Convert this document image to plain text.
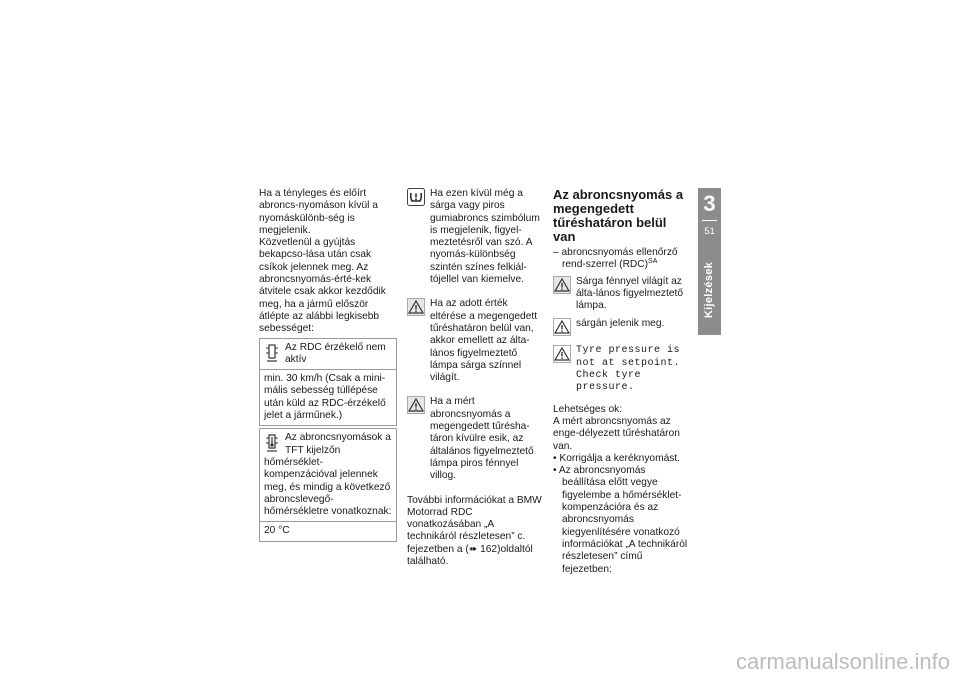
Ha a tényleges és előírt abroncs-nyomáson kívül a nyomáskülönb-ség is megjelenik.

Közvetlenül a gyújtás bekapcso-lása után csak csíkok jelennek meg. Az abroncsnyomás-érté-kek átvitele csak akkor kezdődik meg, ha a jármű először átlépte az alábbi legkisebb sebességet:

Az RDC érzékelő nem aktív
min. 30 km/h (Csak a mini-mális sebesség túllépése után küld az RDC-érzékelő jelet a járműnek.)
Az abroncsnyomások a TFT kijelzőn
hőmérséklet-kompenzációval jelennek meg, és mindig a következő abroncslevegő-hőmérsékletre vonatkoznak:
20 °C
Ha ezen kívül még a sárga vagy piros gumiabroncs szimbólum is megjelenik, figyel-meztetésről van szó. A nyomás-különbség szintén színes felkiál-tójellel van kiemelve.
Ha az adott érték eltérése a megengedett tűréshatáron belül van, akkor emellett az álta-lános figyelmeztető lámpa sárga színnel világít.
Ha a mért abroncsnyomás a megengedett tűrésha-táron kívülre esik, az általános figyelmeztető lámpa piros fénnyel villog.

További információkat a BMW Motorrad RDC vonatkozásában „A technikáról részletesen” c. fejezetben a (➠ 162)oldaltól található.

Az abroncsnyomás a megengedett tűréshatáron belül van

– abroncsnyomás ellenőrző rend-szerrel (RDC)$^{SA}$

Sárga fénnyel világít az álta-lános figyelmeztető lámpa.
sárgán jelenik meg.
Tyre pressure is not at setpoint. Check tyre pressure.

Lehetséges ok:

A mért abroncsnyomás az enge-délyezett tűréshatáron van.

• Korrigálja a keréknyomást.
• Az abroncsnyomás beállítása előtt vegye figyelembe a hőmérséklet-kompenzációra és az abroncsnyomás kiegyenlítésére vonatkozó információkat „A technikáról részletesen” című fejezetben:
3
51
Kijelzések
carmanualsonline.info
